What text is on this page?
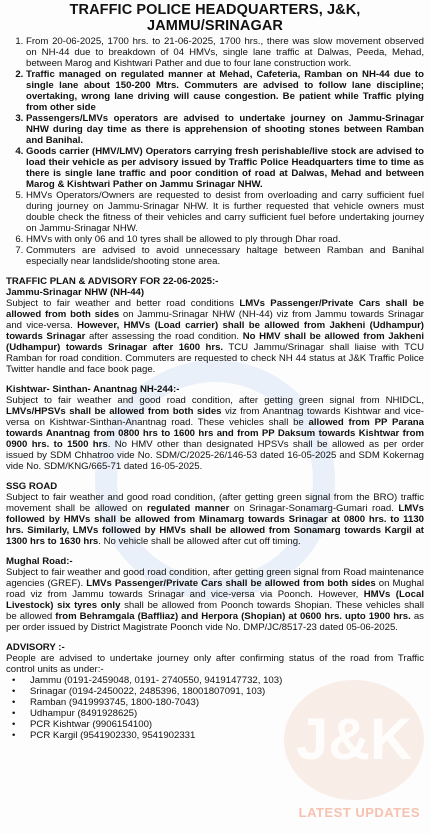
J&K
LATEST UPDATES
TRAFFIC POLICE HEADQUARTERS, J&K, JAMMU/SRINAGAR
1. From 20-06-2025, 1700 hrs. to 21-06-2025, 1700 hrs., there was slow movement observed on NH-44 due to breakdown of 04 HMVs, single lane traffic at Dalwas, Peeda, Mehad, between Marog and Kishtwari Pather and due to four lane construction work.
2. Traffic managed on regulated manner at Mehad, Cafeteria, Ramban on NH-44 due to single lane about 150-200 Mtrs. Commuters are advised to follow lane discipline; overtaking, wrong lane driving will cause congestion. Be patient while Traffic plying from other side
3. Passengers/LMVs operators are advised to undertake journey on Jammu-Srinagar NHW during day time as there is apprehension of shooting stones between Ramban and Banihal.
4. Goods carrier (HMV/LMV) Operators carrying fresh perishable/live stock are advised to load their vehicle as per advisory issued by Traffic Police Headquarters time to time as there is single lane traffic and poor condition of road at Dalwas, Mehad and between Marog & Kishtwari Pather on Jammu Srinagar NHW.
5. HMVs Operators/Owners are requested to desist from overloading and carry sufficient fuel during journey on Jammu-Srinagar NHW. It is further requested that vehicle owners must double check the fitness of their vehicles and carry sufficient fuel before undertaking journey on Jammu-Srinagar NHW.
6. HMVs with only 06 and 10 tyres shall be allowed to ply through Dhar road.
7. Commuters are advised to avoid unnecessary haltage between Ramban and Banihal especially near landslide/shooting stone area.
TRAFFIC PLAN & ADVISORY FOR 22-06-2025:-
Jammu-Srinagar NHW (NH-44)

Subject to fair weather and better road conditions LMVs Passenger/Private Cars shall be allowed from both sides on Jammu-Srinagar NHW (NH-44) viz from Jammu towards Srinagar and vice-versa. However, HMVs (Load carrier) shall be allowed from Jakheni (Udhampur) towards Srinagar after assessing the road condition. No HMV shall be allowed from Jakheni (Udhampur) towards Srinagar after 1600 hrs. TCU Jammu/Srinagar shall liaise with TCU Ramban for road condition. Commuters are requested to check NH 44 status at J&K Traffic Police Twitter handle and face book page.

Kishtwar- Sinthan- Anantnag NH-244:-

Subject to fair weather and good road condition, after getting green signal from NHIDCL, LMVs/HPSVs shall be allowed from both sides viz from Anantnag towards Kishtwar and vice- versa on Kishtwar-Sinthan-Anantnag road. These vehicles shall be allowed from PP Parana towards Anantnag from 0800 hrs to 1600 hrs and from PP Daksum towards Kishtwar from 0900 hrs. to 1500 hrs. No HMV other than designated HPSVs shall be allowed as per order issued by SDM Chhatroo vide No. SDM/C/2025-26/146-53 dated 16-05-2025 and SDM Kokernag vide No. SDM/KNG/665-71 dated 16-05-2025.

SSG ROAD

Subject to fair weather and good road condition, (after getting green signal from the BRO) traffic movement shall be allowed on regulated manner on Srinagar-Sonamarg-Gumari road. LMVs followed by HMVs shall be allowed from Minamarg towards Srinagar at 0800 hrs. to 1130 hrs. Similarly, LMVs followed by HMVs shall be allowed from Sonamarg towards Kargil at 1300 hrs to 1630 hrs. No vehicle shall be allowed after cut off timing.

Mughal Road:-

Subject to fair weather and good road condition, after getting green signal from Road maintenance agencies (GREF). LMVs Passenger/Private Cars shall be allowed from both sides on Mughal road viz from Jammu towards Srinagar and vice-versa via Poonch. However, HMVs (Local Livestock) six tyres only shall be allowed from Poonch towards Shopian. These vehicles shall be allowed from Behramgala (Baffliaz) and Herpora (Shopian) at 0600 hrs. upto 1900 hrs. as per order issued by District Magistrate Poonch vide No. DMP/JC/8517-23 dated 05-06-2025.

ADVISORY :-

People are advised to undertake journey only after confirming status of the road from Traffic control units as under:-

• Jammu (0191-2459048, 0191- 2740550, 9419147732, 103)
• Srinagar (0194-2450022, 2485396, 18001807091, 103)
• Ramban (9419993745, 1800-180-7043)
• Udhampur (8491928625)
• PCR Kishtwar (9906154100)
• PCR Kargil (9541902330, 9541902331
